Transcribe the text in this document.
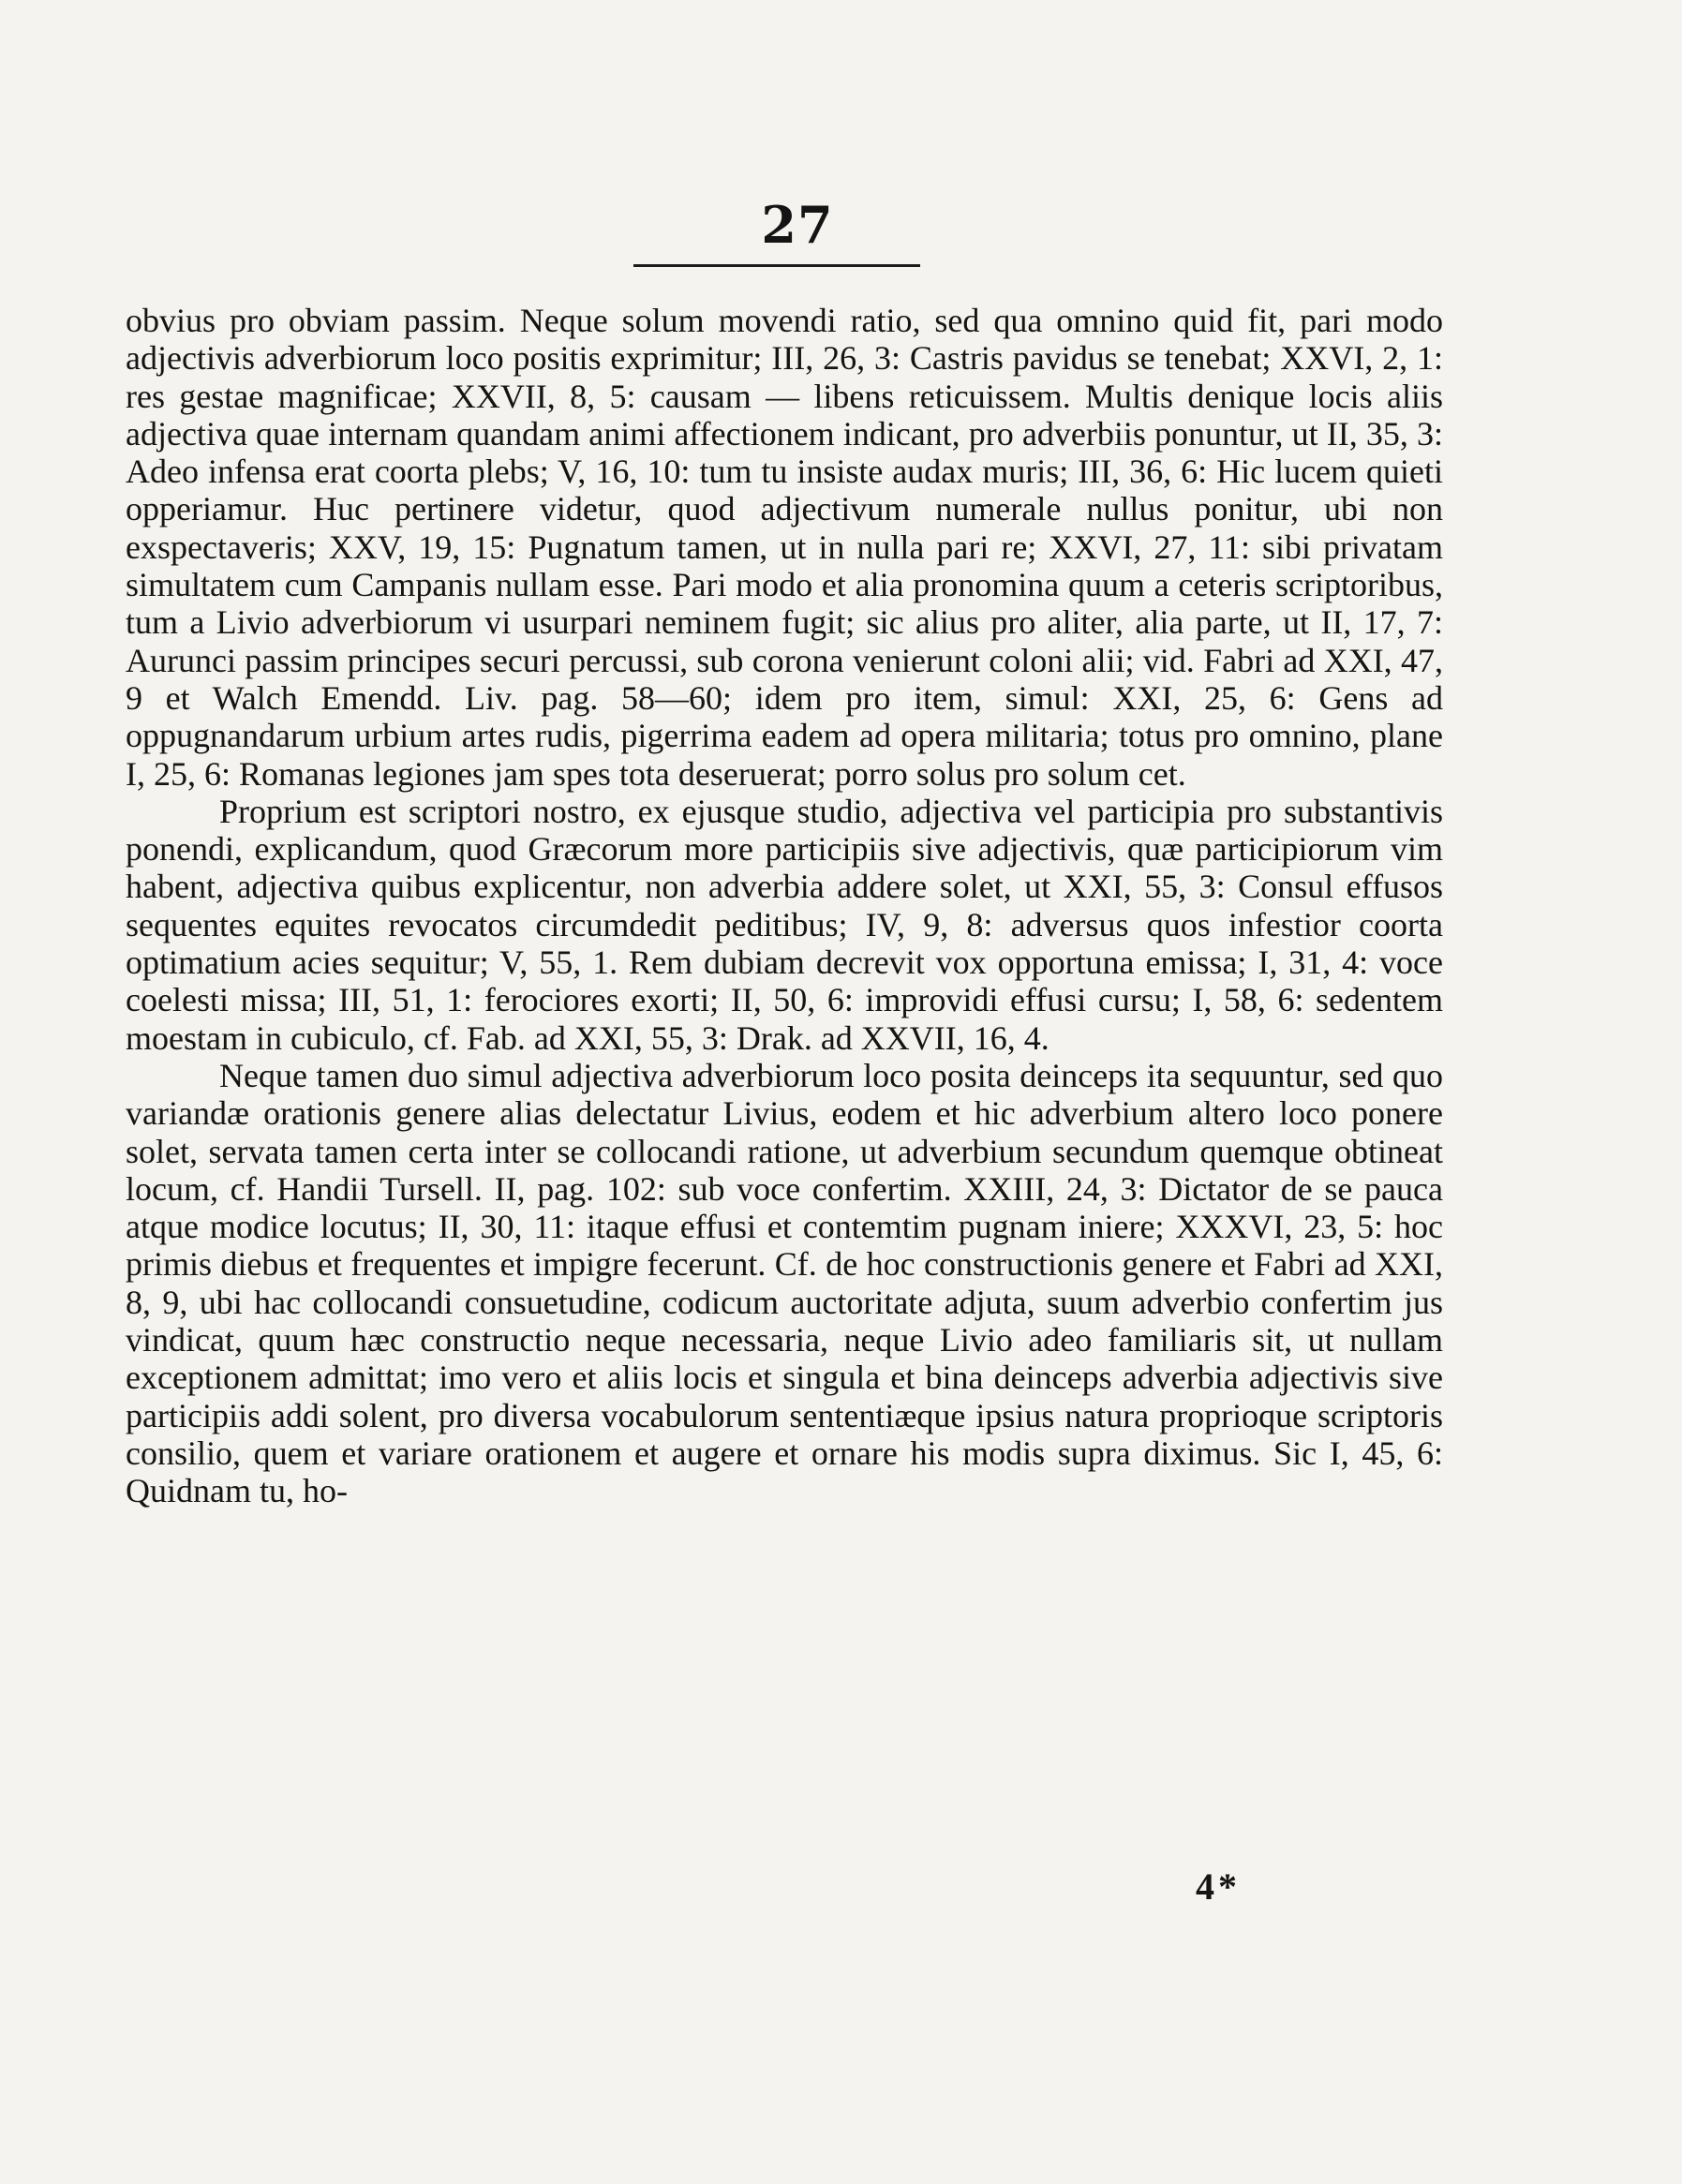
27

obvius pro obviam passim. Neque solum movendi ratio, sed qua omnino quid fit, pari modo adjectivis adverbiorum loco positis exprimitur; III, 26, 3: Castris pavidus se tenebat; XXVI, 2, 1: res gestae magnificae; XXVII, 8, 5: causam — libens reticuissem. Multis denique locis aliis adjectiva quae internam quandam animi affectionem indicant, pro adverbiis ponuntur, ut II, 35, 3: Adeo infensa erat coorta plebs; V, 16, 10: tum tu insiste audax muris; III, 36, 6: Hic lucem quieti opperiamur. Huc pertinere videtur, quod adjectivum numerale nullus ponitur, ubi non exspectaveris; XXV, 19, 15: Pugnatum tamen, ut in nulla pari re; XXVI, 27, 11: sibi privatam simultatem cum Campanis nullam esse. Pari modo et alia pronomina quum a ceteris scriptoribus, tum a Livio adverbiorum vi usurpari neminem fugit; sic alius pro aliter, alia parte, ut II, 17, 7: Aurunci passim principes securi percussi, sub corona venierunt coloni alii; vid. Fabri ad XXI, 47, 9 et Walch Emendd. Liv. pag. 58—60; idem pro item, simul: XXI, 25, 6: Gens ad oppugnandarum urbium artes rudis, pigerrima eadem ad opera militaria; totus pro omnino, plane I, 25, 6: Romanas legiones jam spes tota deseruerat; porro solus pro solum cet.

Proprium est scriptori nostro, ex ejusque studio, adjectiva vel participia pro substantivis ponendi, explicandum, quod Græcorum more participiis sive adjectivis, quæ participiorum vim habent, adjectiva quibus explicentur, non adverbia addere solet, ut XXI, 55, 3: Consul effusos sequentes equites revocatos circumdedit peditibus; IV, 9, 8: adversus quos infestior coorta optimatium acies sequitur; V, 55, 1. Rem dubiam decrevit vox opportuna emissa; I, 31, 4: voce coelesti missa; III, 51, 1: ferociores exorti; II, 50, 6: improvidi effusi cursu; I, 58, 6: sedentem moestam in cubiculo, cf. Fab. ad XXI, 55, 3: Drak. ad XXVII, 16, 4.

Neque tamen duo simul adjectiva adverbiorum loco posita deinceps ita sequuntur, sed quo variandæ orationis genere alias delectatur Livius, eodem et hic adverbium altero loco ponere solet, servata tamen certa inter se collocandi ratione, ut adverbium secundum quemque obtineat locum, cf. Handii Tursell. II, pag. 102: sub voce confertim. XXIII, 24, 3: Dictator de se pauca atque modice locutus; II, 30, 11: itaque effusi et contemtim pugnam iniere; XXXVI, 23, 5: hoc primis diebus et frequentes et impigre fecerunt. Cf. de hoc constructionis genere et Fabri ad XXI, 8, 9, ubi hac collocandi consuetudine, codicum auctoritate adjuta, suum adverbio confertim jus vindicat, quum hæc constructio neque necessaria, neque Livio adeo familiaris sit, ut nullam exceptionem admittat; imo vero et aliis locis et singula et bina deinceps adverbia adjectivis sive participiis addi solent, pro diversa vocabulorum sententiæque ipsius natura proprioque scriptoris consilio, quem et variare orationem et augere et ornare his modis supra diximus. Sic I, 45, 6: Quidnam tu, ho-

4*
